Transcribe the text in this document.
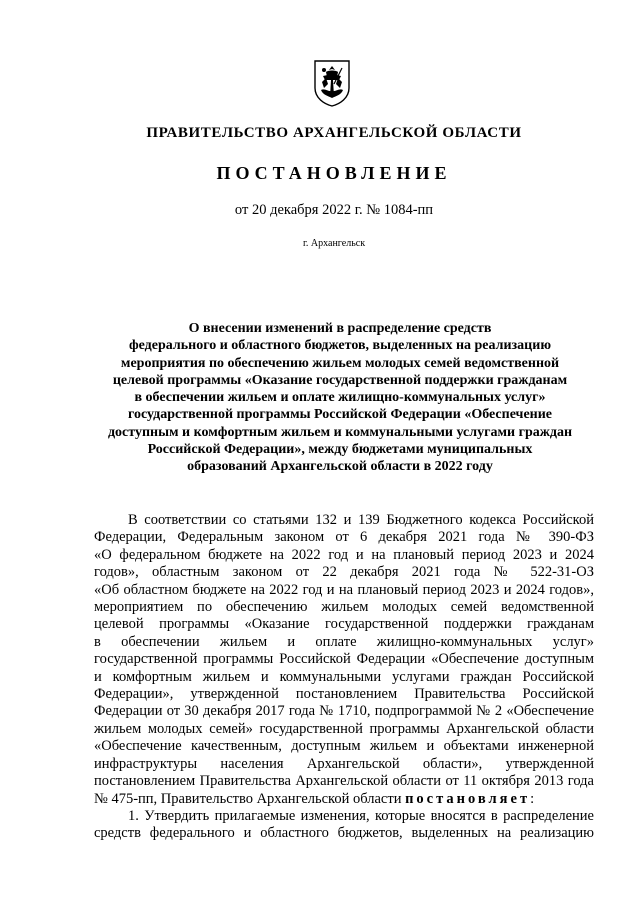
ПРАВИТЕЛЬСТВО АРХАНГЕЛЬСКОЙ ОБЛАСТИ
ПОСТАНОВЛЕНИЕ
от 20 декабря 2022 г. № 1084-пп
г. Архангельск
О внесении изменений в распределение средств
федерального и областного бюджетов, выделенных на реализацию
мероприятия по обеспечению жильем молодых семей ведомственной
целевой программы «Оказание государственной поддержки гражданам
в обеспечении жильем и оплате жилищно-коммунальных услуг»
государственной программы Российской Федерации «Обеспечение
доступным и комфортным жильем и коммунальными услугами граждан
Российской Федерации», между бюджетами муниципальных
образований Архангельской области в 2022 году
В соответствии со статьями 132 и 139 Бюджетного кодекса Российской
Федерации, Федеральным законом от 6 декабря 2021 года № 390-ФЗ
«О федеральном бюджете на 2022 год и на плановый период 2023 и 2024
годов», областным законом от 22 декабря 2021 года № 522-31-ОЗ
«Об областном бюджете на 2022 год и на плановый период 2023 и 2024 годов»,
мероприятием по обеспечению жильем молодых семей ведомственной
целевой программы «Оказание государственной поддержки гражданам
в обеспечении жильем и оплате жилищно-коммунальных услуг»
государственной программы Российской Федерации «Обеспечение доступным
и комфортным жильем и коммунальными услугами граждан Российской
Федерации», утвержденной постановлением Правительства Российской
Федерации от 30 декабря 2017 года № 1710, подпрограммой № 2 «Обеспечение
жильем молодых семей» государственной программы Архангельской области
«Обеспечение качественным, доступным жильем и объектами инженерной
инфраструктуры населения Архангельской области», утвержденной
постановлением Правительства Архангельской области от 11 октября 2013 года
№ 475-пп, Правительство Архангельской области постановляет:
1. Утвердить прилагаемые изменения, которые вносятся в распределение
средств федерального и областного бюджетов, выделенных на реализацию
